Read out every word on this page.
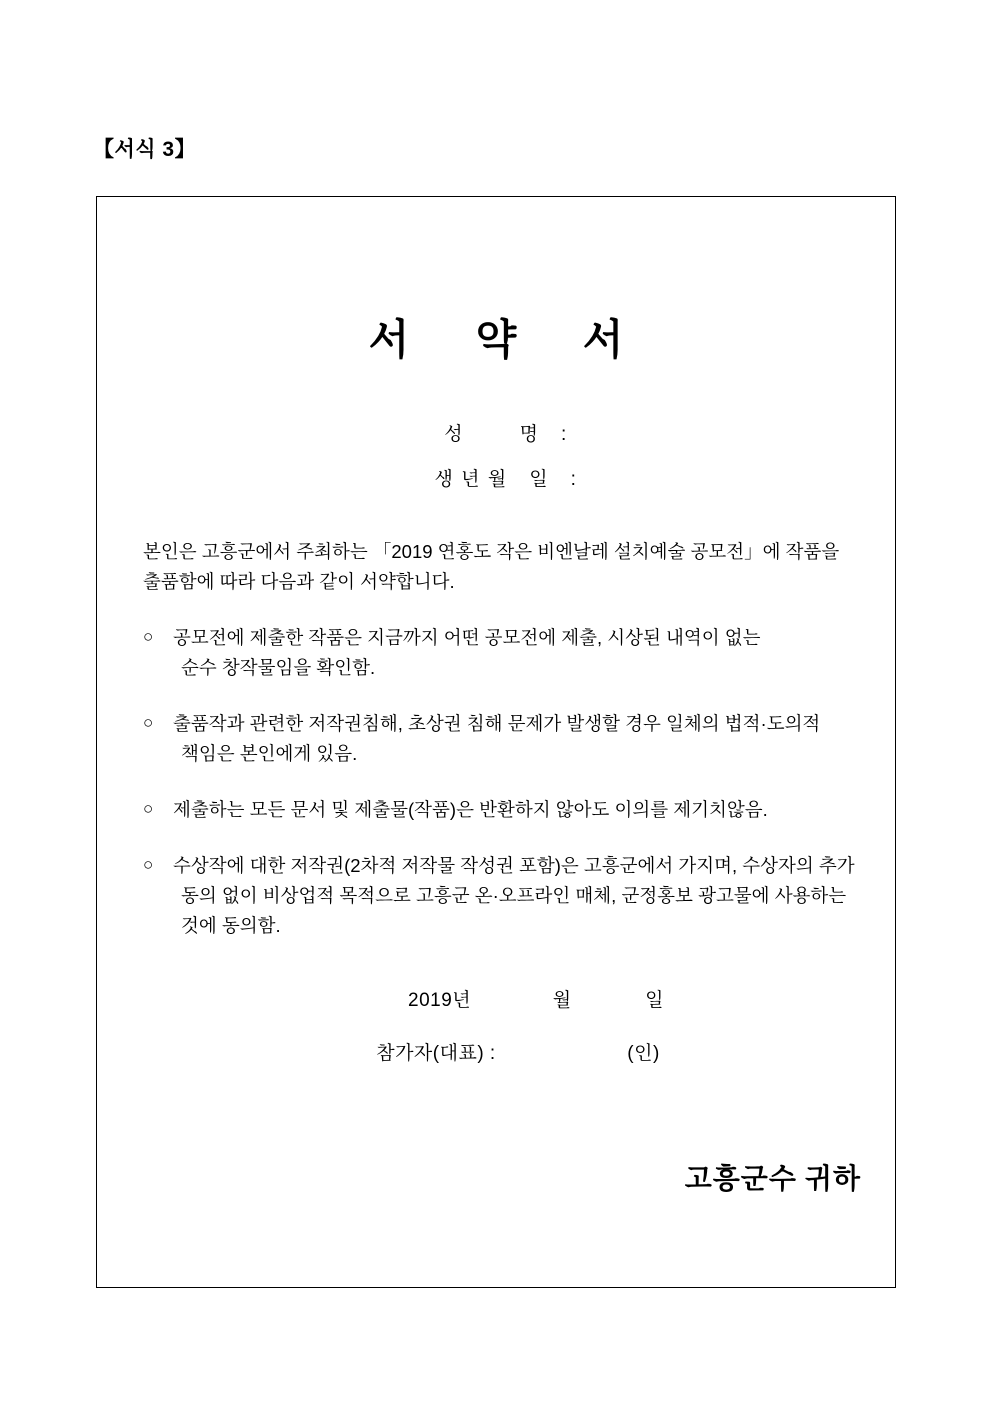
【서식 3】
서 약 서
성	명 :
생 년 월 일 :
본인은 고흥군에서 주최하는 「2019 연홍도 작은 비엔날레 설치예술 공모전」에 작품을 출품함에 따라 다음과 같이 서약합니다.
○	공모전에 제출한 작품은 지금까지 어떤 공모전에 제출, 시상된 내역이 없는
순수 창작물임을 확인함.
○	출품작과 관련한 저작권침해, 초상권 침해 문제가 발생할 경우 일체의 법적·도의적
책임은 본인에게 있음.
○	제출하는 모든 문서 및 제출물(작품)은 반환하지 않아도 이의를 제기치않음.
○	수상작에 대한 저작권(2차적 저작물 작성권 포함)은 고흥군에서 가지며, 수상자의 추가
동의 없이 비상업적 목적으로 고흥군 온·오프라인 매체, 군정홍보 광고물에 사용하는 것에 동의함.
2019년	월	일
참가자(대표) :	(인)
고흥군수 귀하
